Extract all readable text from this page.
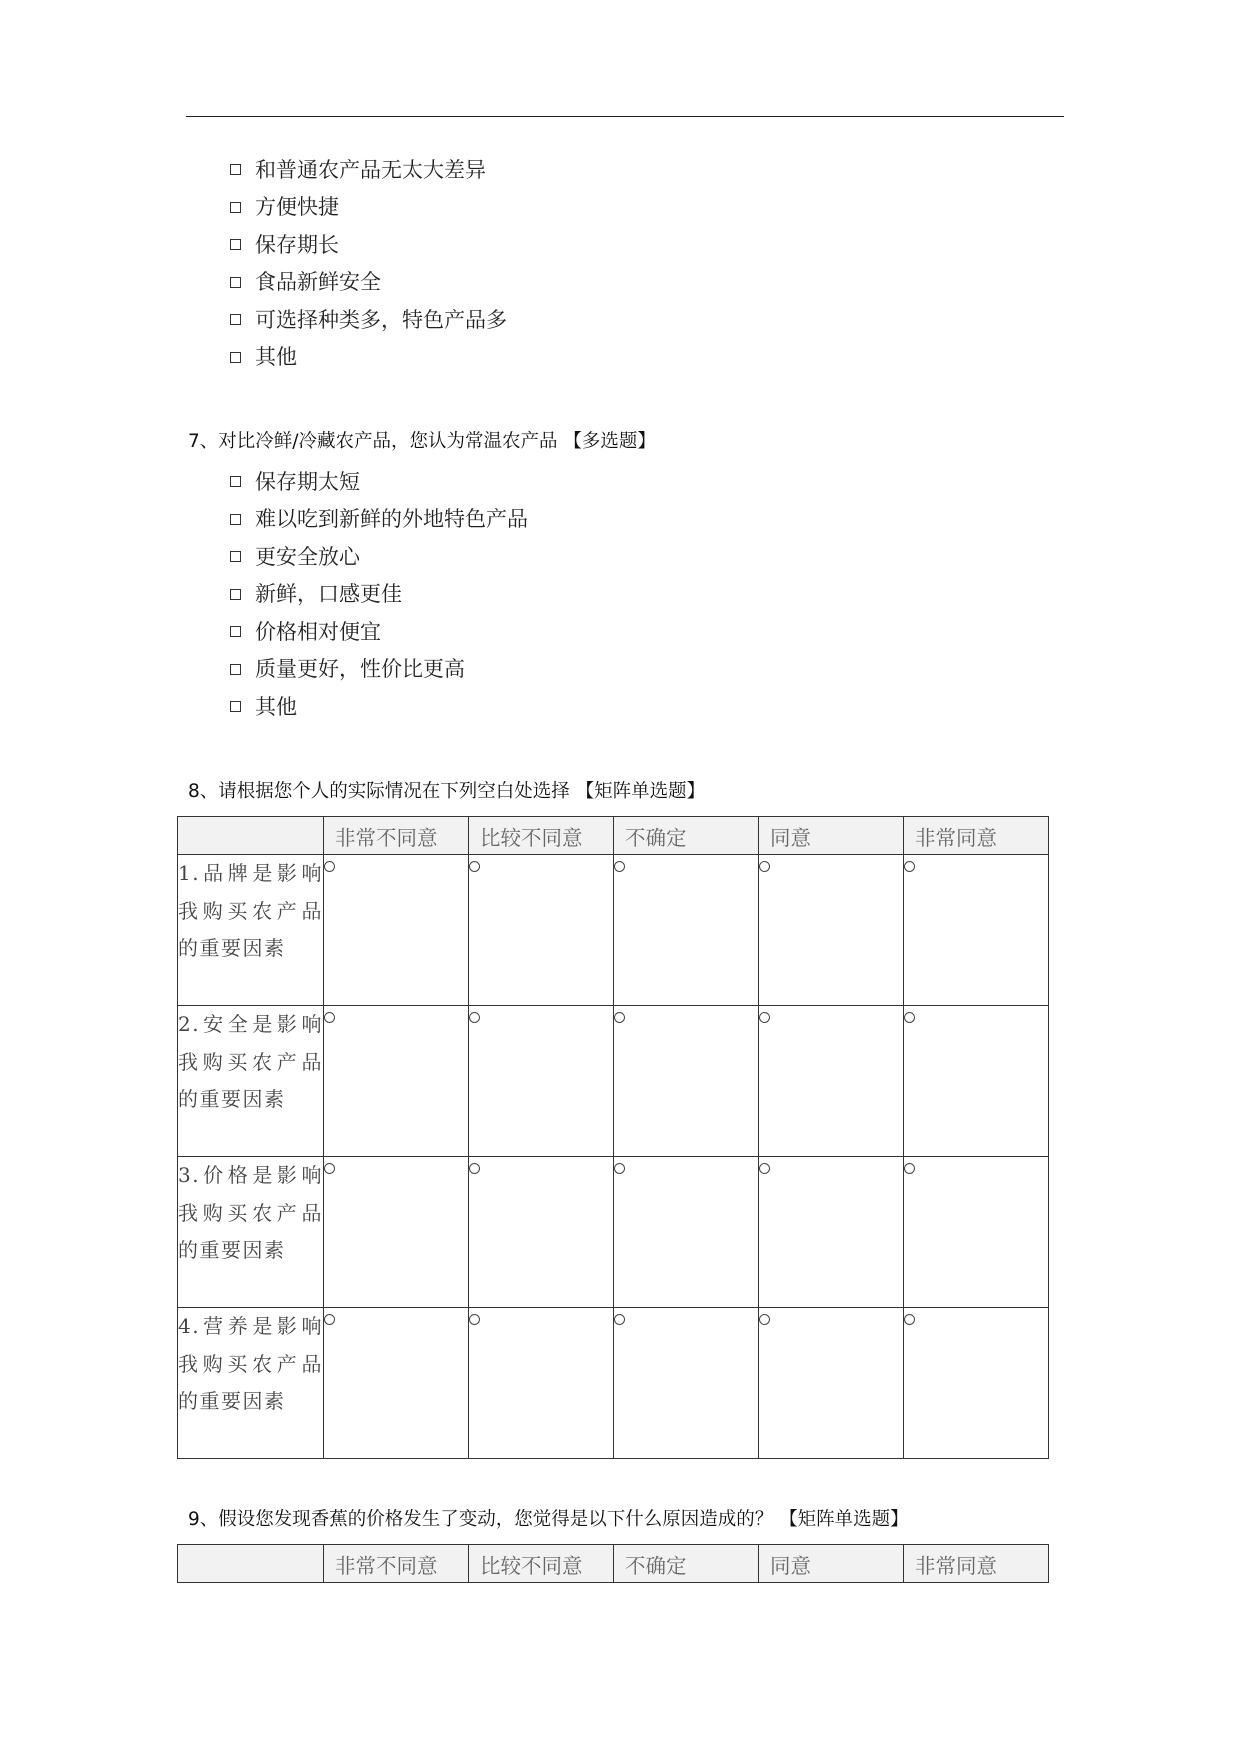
和普通农产品无太大差异
方便快捷
保存期长
食品新鲜安全
可选择种类多，特色产品多
其他
7、对比冷鲜/冷藏农产品，您认为常温农产品 【多选题】
保存期太短
难以吃到新鲜的外地特色产品
更安全放心
新鲜，口感更佳
价格相对便宜
质量更好，性价比更高
其他
8、请根据您个人的实际情况在下列空白处选择 【矩阵单选题】
	非常不同意	比较不同意	不确定	同意	非常同意
1.品牌是影响我购买农产品的重要因素					
2.安全是影响我购买农产品的重要因素					
3.价格是影响我购买农产品的重要因素					
4.营养是影响我购买农产品的重要因素					
9、假设您发现香蕉的价格发生了变动，您觉得是以下什么原因造成的？ 【矩阵单选题】
	非常不同意	比较不同意	不确定	同意	非常同意
